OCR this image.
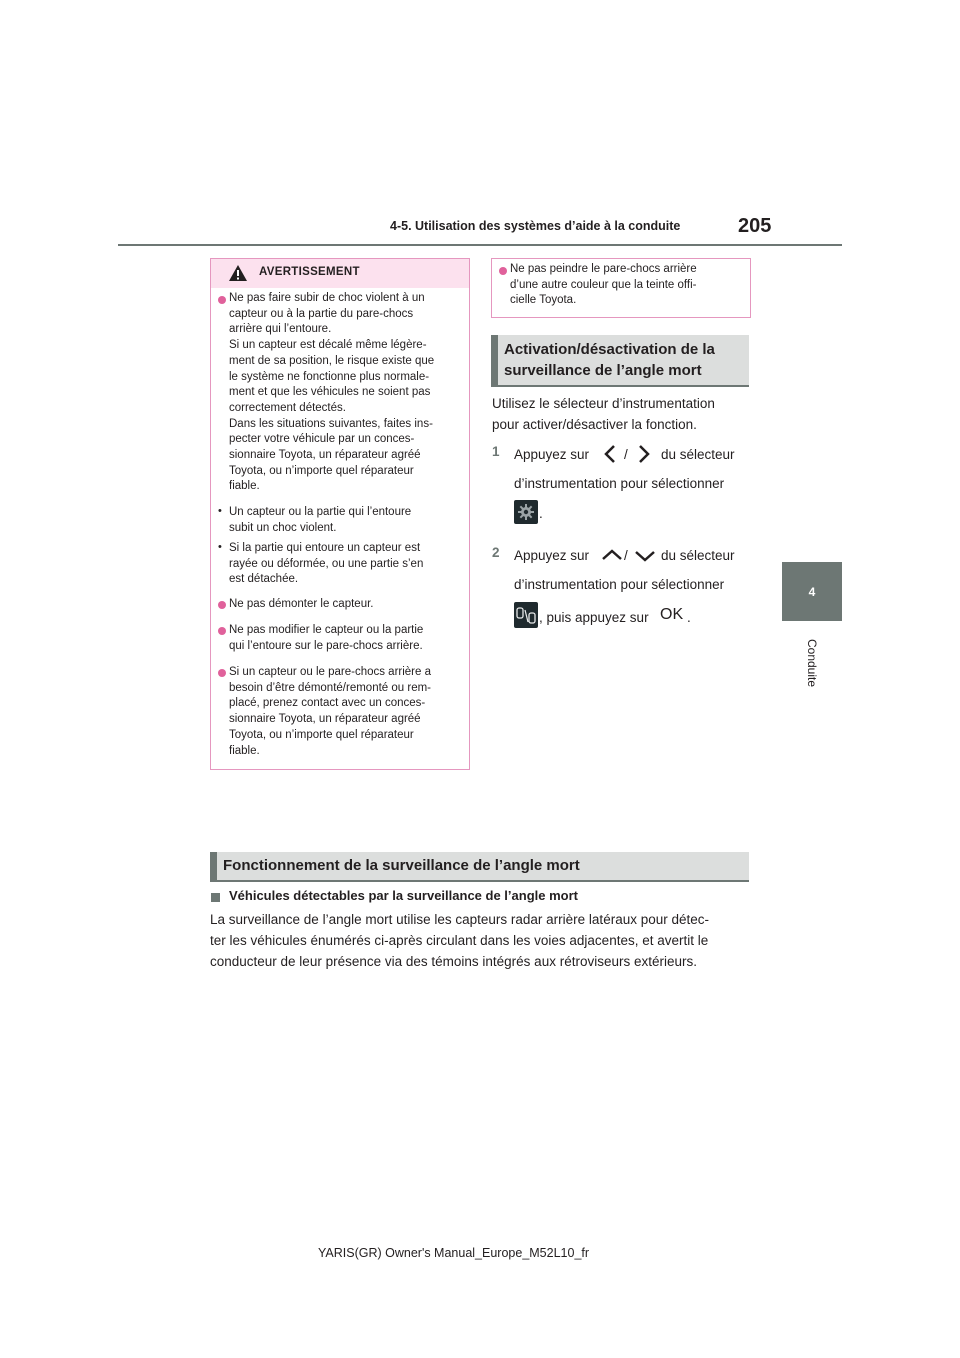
4-5. Utilisation des systèmes d’aide à la conduite	205
4
Conduite
AVERTISSEMENT
Ne pas faire subir de choc violent à un
capteur ou à la partie du pare-chocs
arrière qui l’entoure.
Si un capteur est décalé même légère-
ment de sa position, le risque existe que
le système ne fonctionne plus normale-
ment et que les véhicules ne soient pas
correctement détectés.
Dans les situations suivantes, faites ins-
pecter votre véhicule par un conces-
sionnaire Toyota, un réparateur agréé
Toyota, ou n’importe quel réparateur
fiable.
• Un capteur ou la partie qui l’entoure
subit un choc violent.
• Si la partie qui entoure un capteur est
rayée ou déformée, ou une partie s’en
est détachée.
Ne pas démonter le capteur.
Ne pas modifier le capteur ou la partie
qui l’entoure sur le pare-chocs arrière.
Si un capteur ou le pare-chocs arrière a
besoin d’être démonté/remonté ou rem-
placé, prenez contact avec un conces-
sionnaire Toyota, un réparateur agréé
Toyota, ou n’importe quel réparateur
fiable.
Ne pas peindre le pare-chocs arrière
d’une autre couleur que la teinte offi-
cielle Toyota.
Activation/désactivation de la
surveillance de l’angle mort
Utilisez le sélecteur d’instrumentation
pour activer/désactiver la fonction.
1 Appuyez sur	/ du sélecteur
d’instrumentation pour sélectionner
.
2 Appuyez sur	/ du sélecteur
d’instrumentation pour sélectionner
, puis appuyez sur OK .
Fonctionnement de la surveillance de l’angle mort
Véhicules détectables par la surveillance de l’angle mort
La surveillance de l’angle mort utilise les capteurs radar arrière latéraux pour détec-
ter les véhicules énumérés ci-après circulant dans les voies adjacentes, et avertit le
conducteur de leur présence via des témoins intégrés aux rétroviseurs extérieurs.
YARIS(GR) Owner's Manual_Europe_M52L10_fr
